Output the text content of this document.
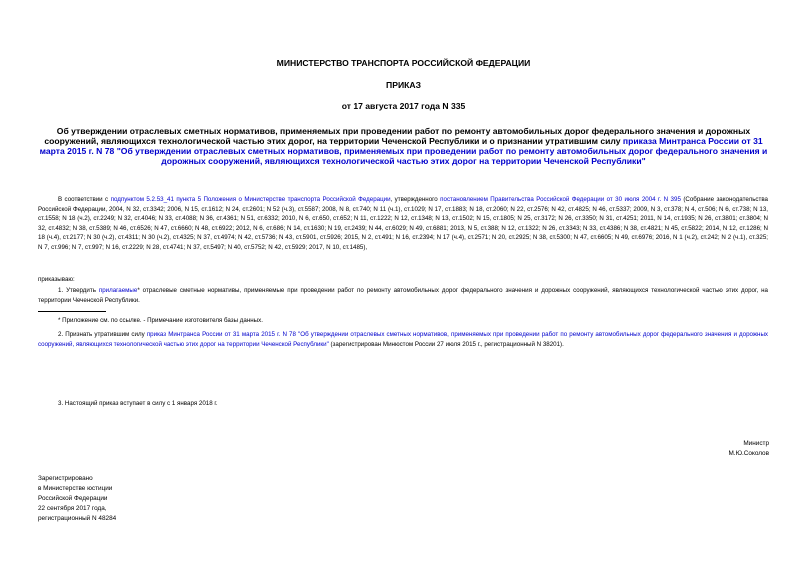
МИНИСТЕРСТВО ТРАНСПОРТА РОССИЙСКОЙ ФЕДЕРАЦИИ
ПРИКАЗ
от 17 августа 2017 года N 335
Об утверждении отраслевых сметных нормативов, применяемых при проведении работ по ремонту автомобильных дорог федерального значения и дорожных сооружений, являющихся технологической частью этих дорог, на территории Чеченской Республики и о признании утратившим силу приказа Минтранса России от 31 марта 2015 г. N 78 "Об утверждении отраслевых сметных нормативов, применяемых при проведении работ по ремонту автомобильных дорог федерального значения и дорожных сооружений, являющихся технологической частью этих дорог на территории Чеченской Республики"
В соответствии с подпунктом 5.2.53_41 пункта 5 Положения о Министерстве транспорта Российской Федерации, утвержденного постановлением Правительства Российской Федерации от 30 июля 2004 г. N 395 (Собрание законодательства Российской Федерации, 2004, N 32, ст.3342; 2006, N 15, ст.1612; N 24, ст.2601; N 52 (ч.3), ст.5587; 2008, N 8, ст.740; N 11 (ч.1), ст.1029; N 17, ст.1883; N 18, ст.2060; N 22, ст.2576; N 42, ст.4825; N 46, ст.5337; 2009, N 3, ст.378; N 4, ст.506; N 6, ст.738; N 13, ст.1558; N 18 (ч.2), ст.2249; N 32, ст.4046; N 33, ст.4088; N 36, ст.4361; N 51, ст.6332; 2010, N 6, ст.650, ст.652; N 11, ст.1222; N 12, ст.1348; N 13, ст.1502; N 15, ст.1805; N 25, ст.3172; N 26, ст.3350; N 31, ст.4251; 2011, N 14, ст.1935; N 26, ст.3801; ст.3804; N 32, ст.4832; N 38, ст.5389; N 46, ст.6526; N 47, ст.6660; N 48, ст.6922; 2012, N 6, ст.686; N 14, ст.1630; N 19, ст.2439; N 44, ст.6029; N 49, ст.6881; 2013, N 5, ст.388; N 12, ст.1322; N 26, ст.3343; N 33, ст.4386; N 38, ст.4821; N 45, ст.5822; 2014, N 12, ст.1286; N 18 (ч.4), ст.2177; N 30 (ч.2), ст.4311; N 30 (ч.2), ст.4325; N 37, ст.4974; N 42, ст.5736; N 43, ст.5901, ст.5926; 2015, N 2, ст.491; N 16, ст.2394; N 17 (ч.4), ст.2571; N 20, ст.2925; N 38, ст.5300; N 47, ст.6605; N 49, ст.6976; 2016, N 1 (ч.2), ст.242; N 2 (ч.1), ст.325; N 7, ст.996; N 7, ст.997; N 16, ст.2229; N 28, ст.4741; N 37, ст.5497; N 40, ст.5752; N 42, ст.5929; 2017, N 10, ст.1485),
приказываю:
1. Утвердить прилагаемые* отраслевые сметные нормативы, применяемые при проведении работ по ремонту автомобильных дорог федерального значения и дорожных сооружений, являющихся технологической частью этих дорог, на территории Чеченской Республики.
* Приложение см. по ссылке. - Примечание изготовителя базы данных.
2. Признать утратившим силу приказ Минтранса России от 31 марта 2015 г. N 78 "Об утверждении отраслевых сметных нормативов, применяемых при проведении работ по ремонту автомобильных дорог федерального значения и дорожных сооружений, являющихся технологической частью этих дорог на территории Чеченской Республики" (зарегистрирован Минюстом России 27 июля 2015 г., регистрационный N 38201).
3. Настоящий приказ вступает в силу с 1 января 2018 г.
Министр
М.Ю.Соколов
Зарегистрировано
в Министерстве юстиции
Российской Федерации
22 сентября 2017 года,
регистрационный N 48284
